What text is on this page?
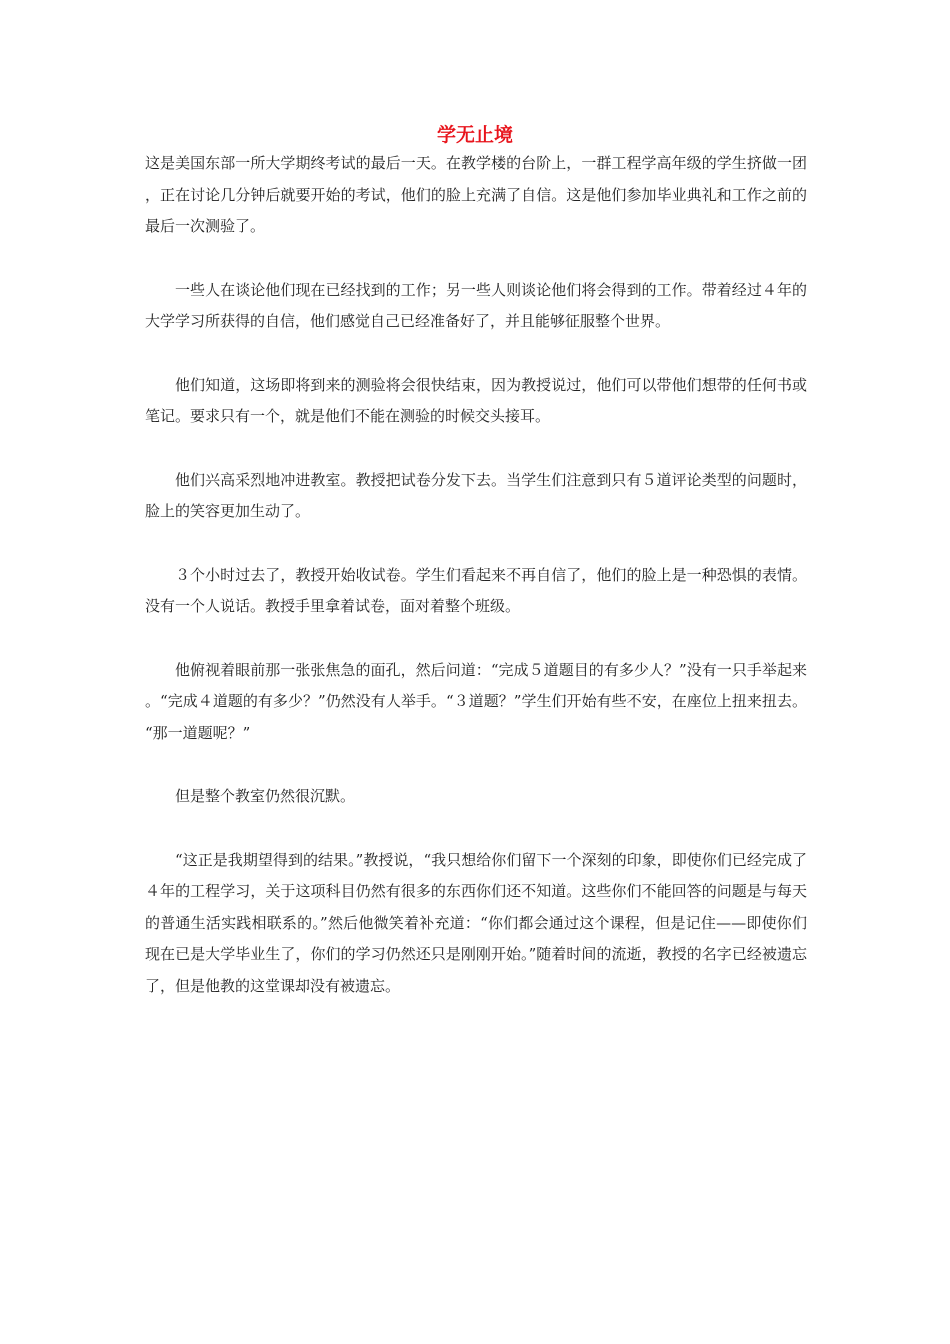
学无止境

这是美国东部一所大学期终考试的最后一天。在教学楼的台阶上，一群工程学高年级的学生挤做一团，正在讨论几分钟后就要开始的考试，他们的脸上充满了自信。这是他们参加毕业典礼和工作之前的最后一次测验了。

一些人在谈论他们现在已经找到的工作；另一些人则谈论他们将会得到的工作。带着经过４年的大学学习所获得的自信，他们感觉自己已经准备好了，并且能够征服整个世界。

他们知道，这场即将到来的测验将会很快结束，因为教授说过，他们可以带他们想带的任何书或笔记。要求只有一个，就是他们不能在测验的时候交头接耳。

他们兴高采烈地冲进教室。教授把试卷分发下去。当学生们注意到只有５道评论类型的问题时，脸上的笑容更加生动了。

３个小时过去了，教授开始收试卷。学生们看起来不再自信了，他们的脸上是一种恐惧的表情。没有一个人说话。教授手里拿着试卷，面对着整个班级。

他俯视着眼前那一张张焦急的面孔，然后问道：“完成５道题目的有多少人？”没有一只手举起来。“完成４道题的有多少？”仍然没有人举手。“３道题？”学生们开始有些不安，在座位上扭来扭去。“那一道题呢？”

但是整个教室仍然很沉默。

“这正是我期望得到的结果。”教授说，“我只想给你们留下一个深刻的印象，即使你们已经完成了４年的工程学习，关于这项科目仍然有很多的东西你们还不知道。这些你们不能回答的问题是与每天的普通生活实践相联系的。”然后他微笑着补充道：“你们都会通过这个课程，但是记住——即使你们现在已是大学毕业生了，你们的学习仍然还只是刚刚开始。”随着时间的流逝，教授的名字已经被遗忘了，但是他教的这堂课却没有被遗忘。
